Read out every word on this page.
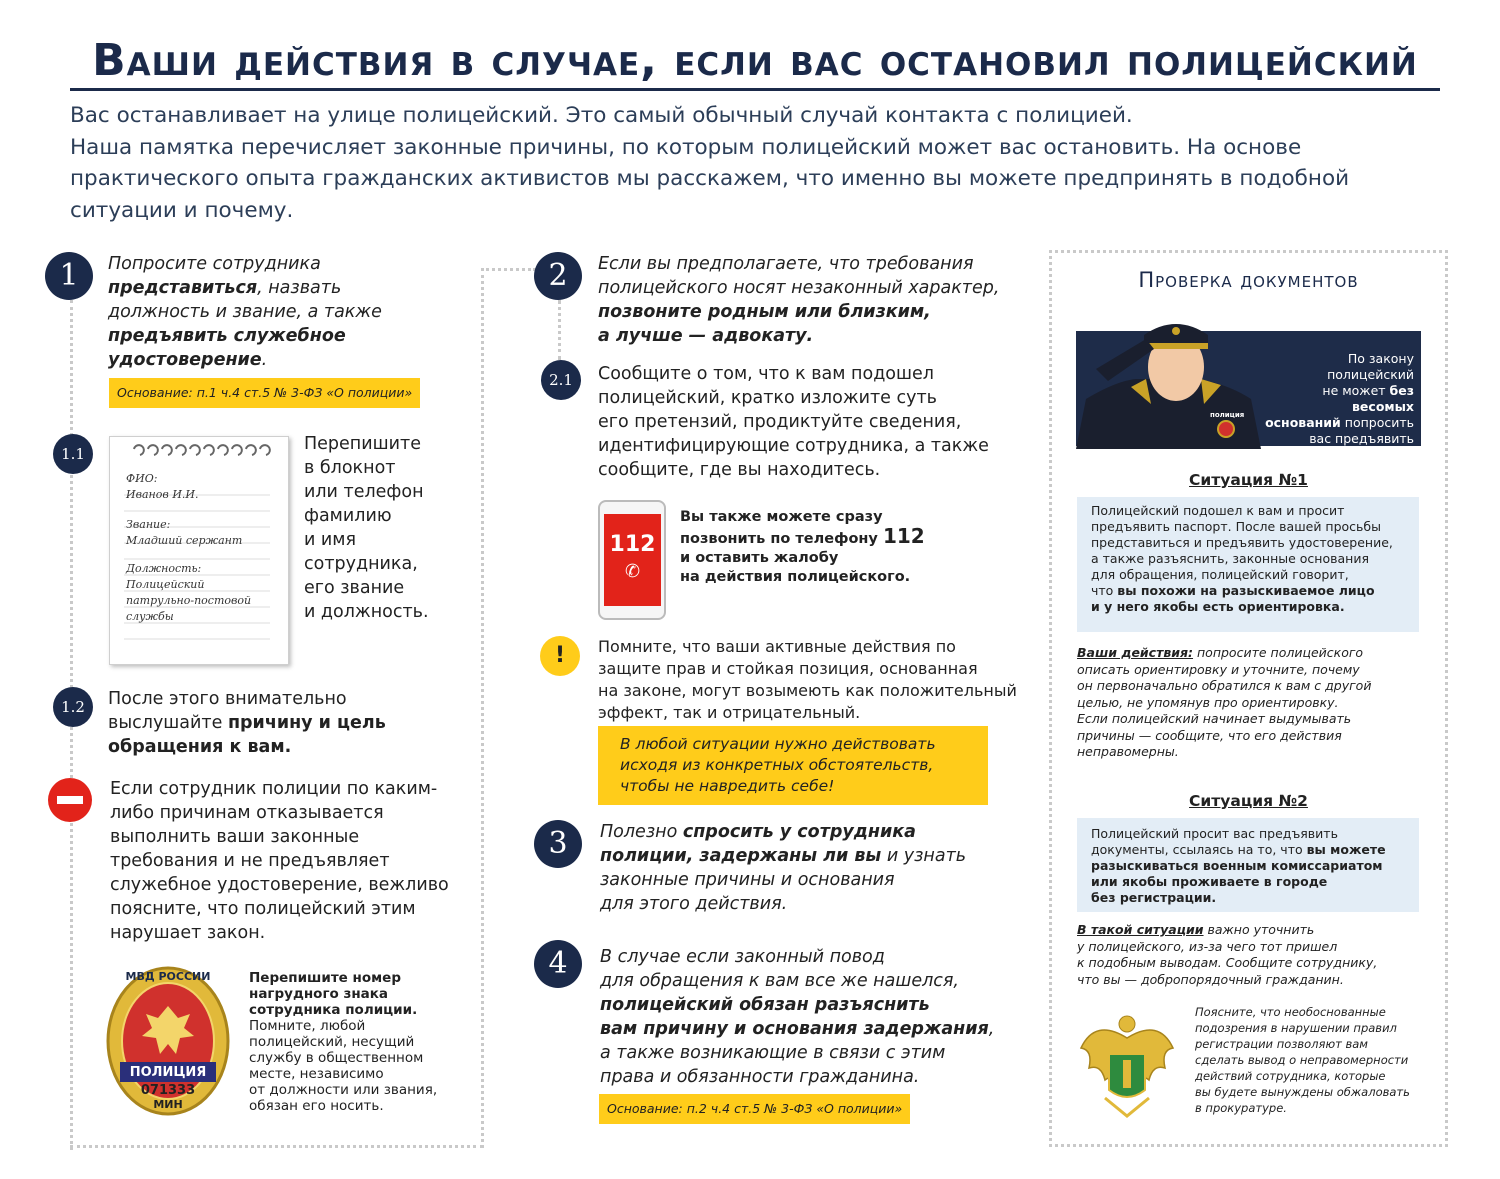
Ваши действия в случае, если вас остановил полицейский

Вас останавливает на улице полицейский. Это самый обычный случай контакта с полицией.

Наша памятка перечисляет законные причины, по которым полицейский может вас остановить. На основе

практического опыта гражданских активистов мы расскажем, что именно вы можете предпринять в подобной

ситуации и почему.

1	Попросите сотрудника
представиться, назвать
должность и звание, а также
предъявить служебное
удостоверение.
Основание: п.1 ч.4 ст.5 № 3-ФЗ «О полиции»
1.1
ФИО:
Иванов И.И.
Звание:
Младший сержант
Должность:
Полицейский
патрульно-постовой
службы
Перепишите
в блокнот
или телефон
фамилию
и имя
сотрудника,
его звание
и должность.
1.2	После этого внимательно
выслушайте причину и цель
обращения к вам.
Если сотрудник полиции по каким-
либо причинам отказывается
выполнить ваши законные
требования и не предъявляет
служебное удостоверение, вежливо
поясните, что полицейский этим
нарушает закон.
МВД РОССИИ
ПОЛИЦИЯ
071333
МИН
Перепишите номер
нагрудного знака
сотрудника полиции.
Помните, любой
полицейский, несущий
службу в общественном
месте, независимо
от должности или звания,
обязан его носить.
2	Если вы предполагаете, что требования
полицейского носят незаконный характер,
позвоните родным или близким,
а лучше — адвокату.
2.1	Сообщите о том, что к вам подошел
полицейский, кратко изложите суть
его претензий, продиктуйте сведения,
идентифицирующие сотрудника, а также
сообщите, где вы находитесь.
112
✆
Вы также можете сразу
позвонить по телефону 112
и оставить жалобу
на действия полицейского.
!	Помните, что ваши активные действия по
защите прав и стойкая позиция, основанная
на законе, могут возымеють как положительный
эффект, так и отрицательный.
В любой ситуации нужно действовать
исходя из конкретных обстоятельств,
чтобы не навредить себе!
3	Полезно спросить у сотрудника
полиции, задержаны ли вы и узнать
законные причины и основания
для этого действия.
4	В случае если законный повод
для обращения к вам все же нашелся,
полицейский обязан разъяснить
вам причину и основания задержания,
а также возникающие в связи с этим
права и обязанности гражданина.
Основание: п.2 ч.4 ст.5 № 3-ФЗ «О полиции»
Проверка документов
полиция
По закону полицейский
не может без весомых
оснований попросить
вас предъявить
паспорт!
Ситуация №1
Полицейский подошел к вам и просит
предъявить паспорт. После вашей просьбы
представиться и предъявить удостоверение,
а также разъяснить, законные основания
для обращения, полицейский говорит,
что вы похожи на разыскиваемое лицо
и у него якобы есть ориентировка.
Ваши действия: попросите полицейского
описать ориентировку и уточните, почему
он первоначально обратился к вам с другой
целью, не упомянув про ориентировку.
Если полицейский начинает выдумывать
причины — сообщите, что его действия
неправомерны.
Ситуация №2
Полицейский просит вас предъявить
документы, ссылаясь на то, что вы можете
разыскиваться военным комиссариатом
или якобы проживаете в городе
без регистрации.
В такой ситуации важно уточнить
у полицейского, из-за чего тот пришел
к подобным выводам. Сообщите сотруднику,
что вы — добропорядочный гражданин.
Поясните, что необоснованные
подозрения в нарушении правил
регистрации позволяют вам
сделать вывод о неправомерности
действий сотрудника, которые
вы будете вынуждены обжаловать
в прокуратуре.
